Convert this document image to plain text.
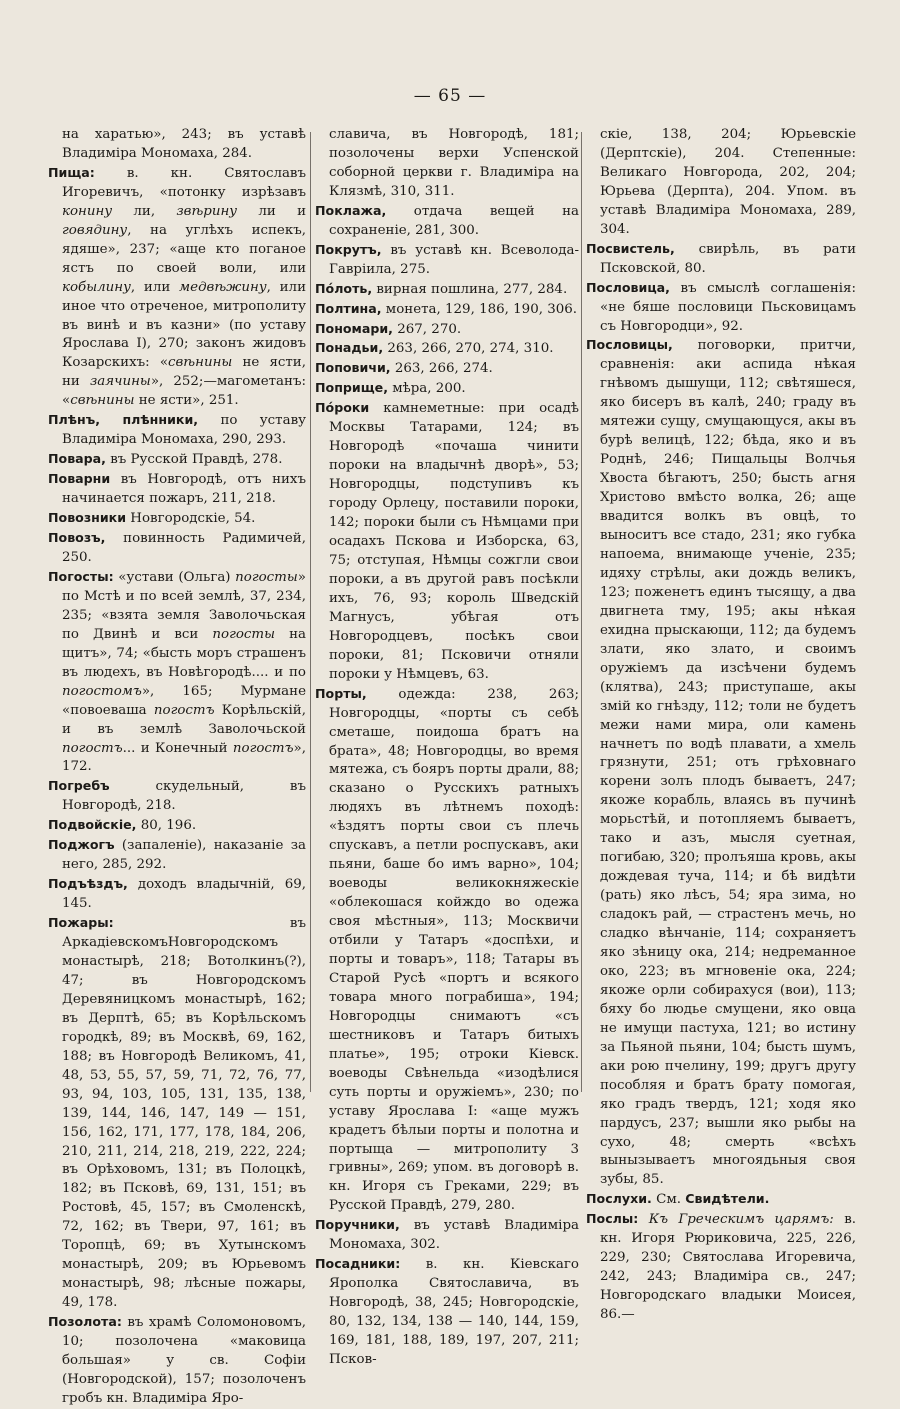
— 65 —

на харатью», 243; въ уставѣ Владиміра Мономаха, 284.

Пища: в. кн. Святославъ Игоревичъ, «потонку изрѣзавъ конину ли, звѣрину ли и говядину, на углѣхъ испекъ, ядяше», 237; «аще кто поганое ястъ по своей воли, или кобылину, или медвѣжину, или иное что отреченое, митрополиту въ винѣ и въ казни» (по уставу Ярослава I), 270; законъ жидовъ Козарскихъ: «свѣнины не ясти, ни заячины», 252;—магометанъ: «свѣнины не ясти», 251.

Плѣнъ, плѣнники, по уставу Владиміра Мономаха, 290, 293.

Повара, въ Русской Правдѣ, 278.

Поварни въ Новгородѣ, отъ нихъ начинается пожаръ, 211, 218.

Повозники Новгородскіе, 54.

Повозъ, повинность Радимичей, 250.

Погосты: «устави (Ольга) погосты» по Мстѣ и по всей землѣ, 37, 234, 235; «взята земля Заволочьская по Двинѣ и вси погосты на щитъ», 74; «бысть моръ страшенъ въ людехъ, въ Новѣгородѣ.... и по погостомъ», 165; Мурмане «повоеваша погостъ Корѣльскій, и въ землѣ Заволочьской погостъ... и Конечный погостъ», 172.

Погребъ скудельный, въ Новгородѣ, 218.

Подвойскіе, 80, 196.

Поджогъ (запаленіе), наказаніе за него, 285, 292.

Подъѣздъ, доходъ владычній, 69, 145.

Пожары: въ АркадіевскомъНовгородскомъ монастырѣ, 218; Вотолкинъ(?), 47; въ Новгородскомъ Деревяницкомъ монастырѣ, 162; въ Дерптѣ, 65; въ Корѣльскомъ городкѣ, 89; въ Москвѣ, 69, 162, 188; въ Новгородѣ Великомъ, 41, 48, 53, 55, 57, 59, 71, 72, 76, 77, 93, 94, 103, 105, 131, 135, 138, 139, 144, 146, 147, 149 — 151, 156, 162, 171, 177, 178, 184, 206, 210, 211, 214, 218, 219, 222, 224; въ Орѣховомъ, 131; въ Полоцкѣ, 182; въ Псковѣ, 69, 131, 151; въ Ростовѣ, 45, 157; въ Смоленскѣ, 72, 162; въ Твери, 97, 161; въ Торопцѣ, 69; въ Хутынскомъ монастырѣ, 209; въ Юрьевомъ монастырѣ, 98; лѣсные пожары, 49, 178.

Позолота: въ храмѣ Соломоновомъ, 10; позолочена «маковица большая» у св. Софіи (Новгородской), 157; позолоченъ гробъ кн. Владиміра Яро-

славича, въ Новгородѣ, 181; позолочены верхи Успенской соборной церкви г. Владиміра на Клязмѣ, 310, 311.

Поклажа, отдача вещей на сохраненіе, 281, 300.

Покрутъ, въ уставѣ кн. Всеволода-Гавріила, 275.

Пóлоть, вирная пошлина, 277, 284.

Полтина, монета, 129, 186, 190, 306.

Пономари, 267, 270.

Понадьи, 263, 266, 270, 274, 310.

Поповичи, 263, 266, 274.

Поприще, мѣра, 200.

Пóроки камнеметные: при осадѣ Москвы Татарами, 124; въ Новгородѣ «почаша чинити пороки на владычнѣ дворѣ», 53; Новгородцы, подступивъ къ городу Орлецу, поставили пороки, 142; пороки были съ Нѣмцами при осадахъ Пскова и Изборска, 63, 75; отступая, Нѣмцы сожгли свои пороки, а въ другой равъ посѣкли ихъ, 76, 93; король Шведскій Магнусъ, убѣгая отъ Новгородцевъ, посѣкъ свои пороки, 81; Псковичи отняли пороки у Нѣмцевъ, 63.

Порты, одежда: 238, 263; Новгородцы, «порты съ себѣ сметаше, поидоша братъ на брата», 48; Новгородцы, во время мятежа, съ бояръ порты драли, 88; сказано о Русскихъ ратныхъ людяхъ въ лѣтнемъ походѣ: «ѣздятъ порты свои съ плечь спускавъ, а петли роспускавъ, аки пьяни, баше бо имъ варно», 104; воеводы великокняжескіе «облекошася койждо во одежа своя мѣстныя», 113; Москвичи отбили у Татаръ «доспѣхи, и порты и товаръ», 118; Татары въ Старой Русѣ «портъ и всякого товара много пограбиша», 194; Новгородцы снимаютъ «съ шестниковъ и Татаръ битыхъ платье», 195; отроки Кіевск. воеводы Свѣнельда «изодѣлися суть порты и оружіемъ», 230; по уставу Ярослава I: «аще мужъ крадетъ бѣлыи порты и полотна и портыща — митрополиту 3 гривны», 269; упом. въ договорѣ в. кн. Игоря съ Греками, 229; въ Русской Правдѣ, 279, 280.

Поручники, въ уставѣ Владиміра Мономаха, 302.

Посадники: в. кн. Кіевскаго Ярополка Святославича, въ Новгородѣ, 38, 245; Новгородскіе, 80, 132, 134, 138 — 140, 144, 159, 169, 181, 188, 189, 197, 207, 211; Псков-

скіе, 138, 204; Юрьевскіе (Дерптскіе), 204. Степенные: Великаго Новгорода, 202, 204; Юрьева (Дерпта), 204. Упом. въ уставѣ Владиміра Мономаха, 289, 304.

Посвистель, свирѣль, въ рати Псковской, 80.

Пословица, въ смыслѣ соглашенія: «не бяше пословици Пьсковицамъ съ Новгородци», 92.

Пословицы, поговорки, притчи, сравненія: аки аспида нѣкая гнѣвомъ дышущи, 112; свѣтяшеся, яко бисеръ въ калѣ, 240; граду въ мятежи сущу, смущающуся, акы въ бурѣ велицѣ, 122; бѣда, яко и въ Роднѣ, 246; Пищальцы Волчья Хвоста бѣгаютъ, 250; бысть агня Христово вмѣсто волка, 26; аще ввадится волкъ въ овцѣ, то выноситъ все стадо, 231; яко губка напоема, внимающе ученіе, 235; идяху стрѣлы, аки дождь великъ, 123; поженетъ единъ тысящу, а два двигнета тму, 195; акы нѣкая ехидна прыскающи, 112; да будемъ злати, яко злато, и своимъ оружіемъ да изсѣчени будемъ (клятва), 243; приступаше, акы змій ко гнѣзду, 112; толи не будетъ межи нами мира, оли камень начнетъ по водѣ плавати, а хмель грязнути, 251; отъ грѣховнаго корени золъ плодъ бываетъ, 247; якоже корабль, влаясь въ пучинѣ морьстѣй, и потопляемъ бываетъ, тако и азъ, мысля суетная, погибаю, 320; пролъяша кровь, акы дождевая туча, 114; и бѣ видѣти (рать) яко лѣсъ, 54; яра зима, но сладокъ рай, — страстенъ мечь, но сладко вѣнчаніе, 114; сохраняетъ яко зѣницу ока, 214; недреманное око, 223; въ мгновеніе ока, 224; якоже орли собирахуся (вои), 113; бяху бо людье смущени, яко овца не имущи пастуха, 121; во истину за Пьяной пьяни, 104; бысть шумъ, аки рою пчелину, 199; другъ другу пособляя и братъ брату помогая, яко градъ твердъ, 121; ходя яко пардусъ, 237; вышли яко рыбы на сухо, 48; смерть «всѣхъ вынызываетъ многоядьныя своя зубы, 85.

Послухи. См. Свидѣтели.

Послы: Къ Греческимъ царямъ: в. кн. Игоря Рюриковича, 225, 226, 229, 230; Святослава Игоревича, 242, 243; Владиміра св., 247; Новгородскаго владыки Моисея, 86.—
